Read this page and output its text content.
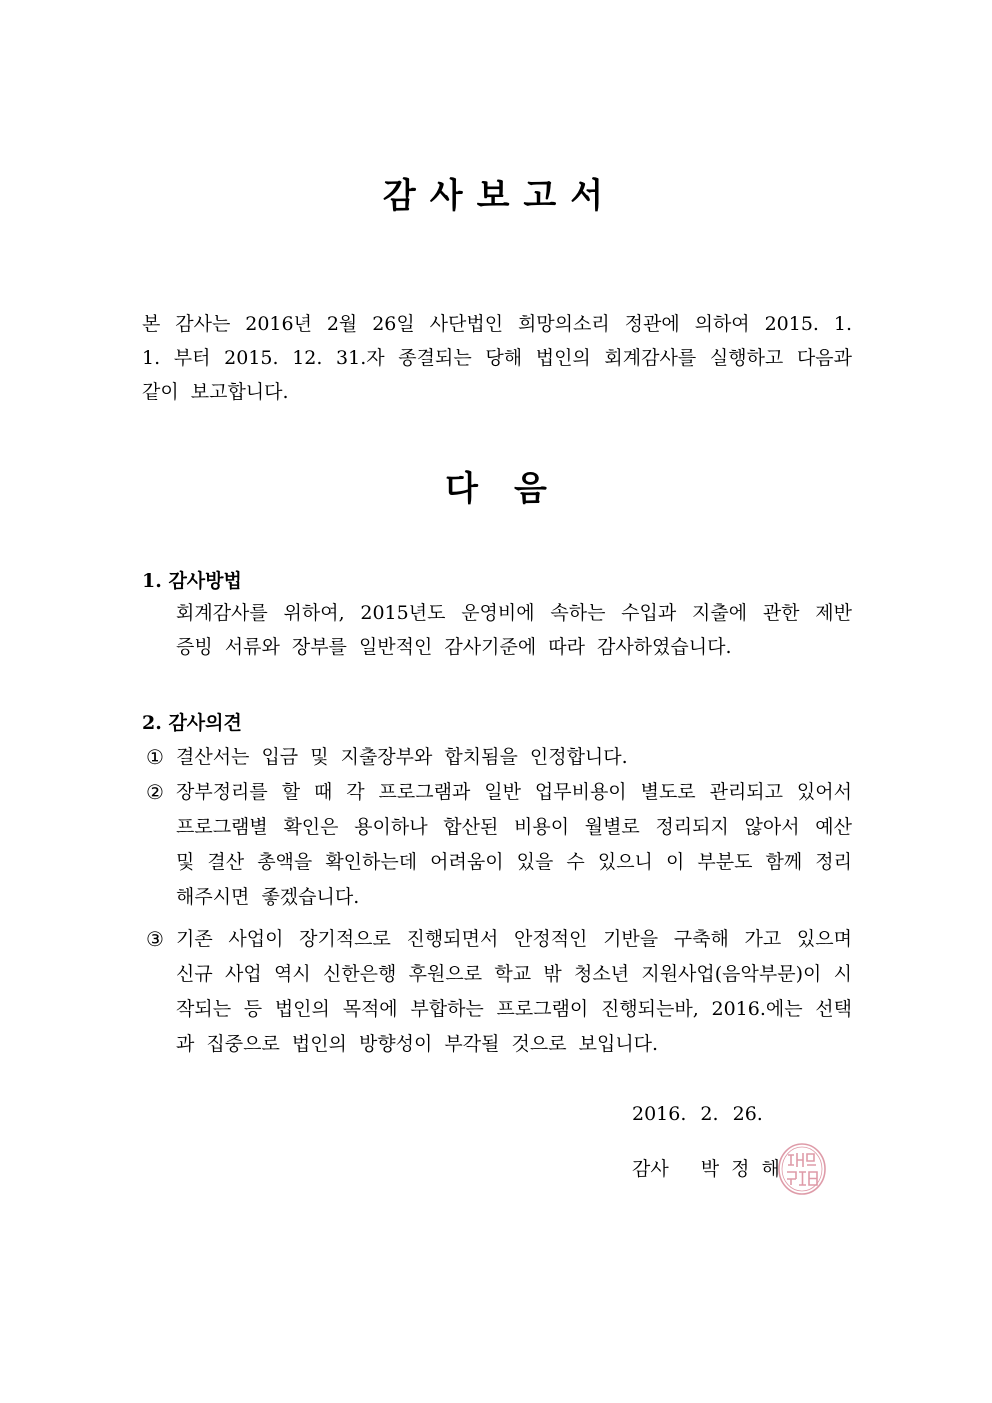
감사보고서
본 감사는 2016년 2월 26일 사단법인 희망의소리 정관에 의하여 2015. 1. 1. 부터 2015. 12. 31.자 종결되는 당해 법인의 회계감사를 실행하고 다음과 같이 보고합니다.
다음
1. 감사방법
회계감사를 위하여, 2015년도 운영비에 속하는 수입과 지출에 관한 제반 증빙 서류와 장부를 일반적인 감사기준에 따라 감사하였습니다.
2. 감사의견
① 결산서는 입금 및 지출장부와 합치됨을 인정합니다.
② 장부정리를 할 때 각 프로그램과 일반 업무비용이 별도로 관리되고 있어서 프로그램별 확인은 용이하나 합산된 비용이 월별로 정리되지 않아서 예산 및 결산 총액을 확인하는데 어려움이 있을 수 있으니 이 부분도 함께 정리해주시면 좋겠습니다.
③ 기존 사업이 장기적으로 진행되면서 안정적인 기반을 구축해 가고 있으며 신규 사업 역시 신한은행 후원으로 학교 밖 청소년 지원사업(음악부문)이 시작되는 등 법인의 목적에 부합하는 프로그램이 진행되는바, 2016.에는 선택과 집중으로 법인의 방향성이 부각될 것으로 보입니다.
2016. 2. 26.
감사 박정해
